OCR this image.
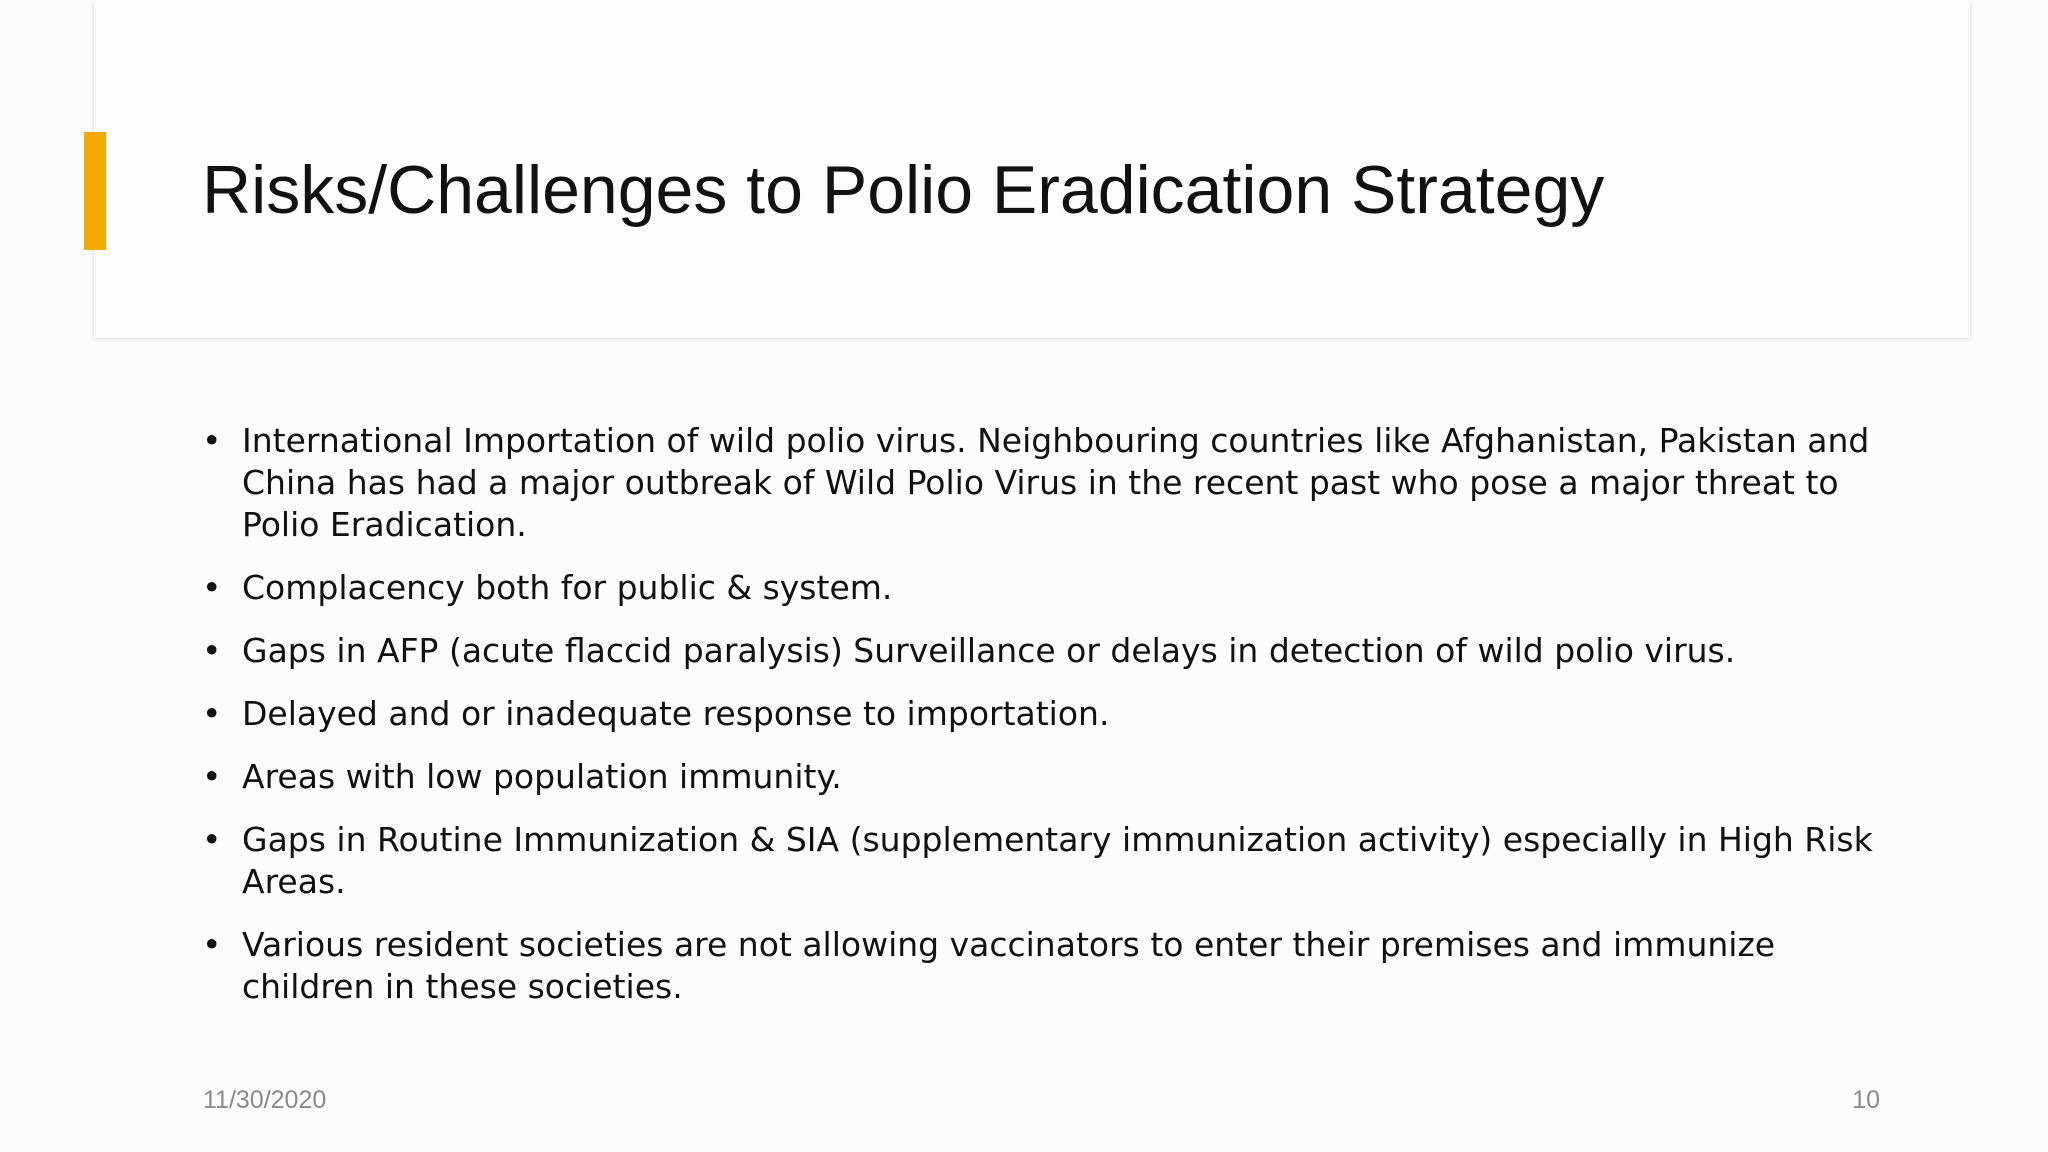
Risks/Challenges to Polio Eradication Strategy
• International Importation of wild polio virus. Neighbouring countries like Afghanistan, Pakistan and China has had a major outbreak of Wild Polio Virus in the recent past who pose a major threat to Polio Eradication.
• Complacency both for public & system.
• Gaps in AFP (acute flaccid paralysis) Surveillance or delays in detection of wild polio virus.
• Delayed and or inadequate response to importation.
• Areas with low population immunity.
• Gaps in Routine Immunization & SIA (supplementary immunization activity) especially in High Risk Areas.
• Various resident societies are not allowing vaccinators to enter their premises and immunize children in these societies.
11/30/2020	10
